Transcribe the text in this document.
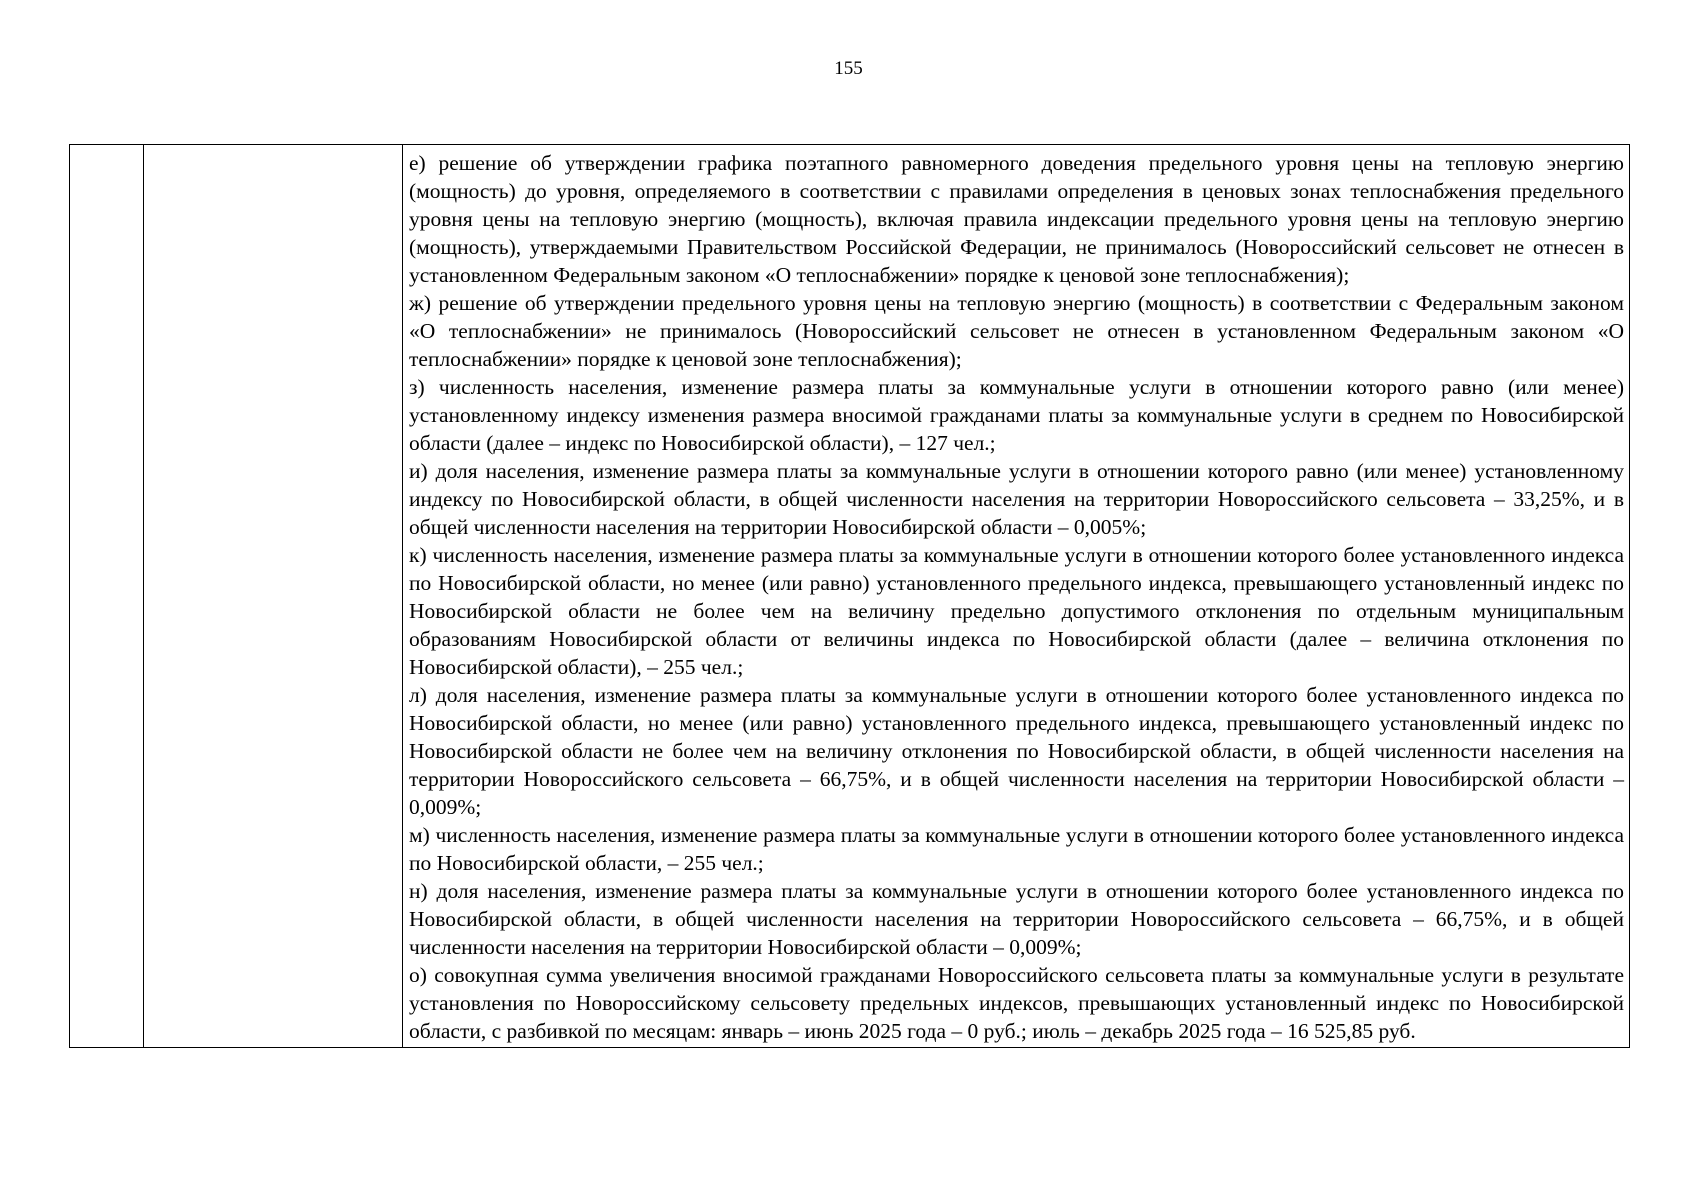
155

е) решение об утверждении графика поэтапного равномерного доведения предельного уровня цены на тепловую энергию (мощность) до уровня, определяемого в соответствии с правилами определения в ценовых зонах теплоснабжения предельного уровня цены на тепловую энергию (мощность), включая правила индексации предельного уровня цены на тепловую энергию (мощность), утверждаемыми Правительством Российской Федерации, не принималось (Новороссийский сельсовет не отнесен в установленном Федеральным законом «О теплоснабжении» порядке к ценовой зоне теплоснабжения);

ж) решение об утверждении предельного уровня цены на тепловую энергию (мощность) в соответствии с Федеральным законом «О теплоснабжении» не принималось (Новороссийский сельсовет не отнесен в установленном Федеральным законом «О теплоснабжении» порядке к ценовой зоне теплоснабжения);

з) численность населения, изменение размера платы за коммунальные услуги в отношении которого равно (или менее) установленному индексу изменения размера вносимой гражданами платы за коммунальные услуги в среднем по Новосибирской области (далее – индекс по Новосибирской области), – 127 чел.;

и) доля населения, изменение размера платы за коммунальные услуги в отношении которого равно (или менее) установленному индексу по Новосибирской области, в общей численности населения на территории Новороссийского сельсовета – 33,25%, и в общей численности населения на территории Новосибирской области – 0,005%;

к) численность населения, изменение размера платы за коммунальные услуги в отношении которого более установленного индекса по Новосибирской области, но менее (или равно) установленного предельного индекса, превышающего установленный индекс по Новосибирской области не более чем на величину предельно допустимого отклонения по отдельным муниципальным образованиям Новосибирской области от величины индекса по Новосибирской области (далее – величина отклонения по Новосибирской области), – 255 чел.;

л) доля населения, изменение размера платы за коммунальные услуги в отношении которого более установленного индекса по Новосибирской области, но менее (или равно) установленного предельного индекса, превышающего установленный индекс по Новосибирской области не более чем на величину отклонения по Новосибирской области, в общей численности населения на территории Новороссийского сельсовета – 66,75%, и в общей численности населения на территории Новосибирской области – 0,009%;

м) численность населения, изменение размера платы за коммунальные услуги в отношении которого более установленного индекса по Новосибирской области, – 255 чел.;

н) доля населения, изменение размера платы за коммунальные услуги в отношении которого более установленного индекса по Новосибирской области, в общей численности населения на территории Новороссийского сельсовета – 66,75%, и в общей численности населения на территории Новосибирской области – 0,009%;

о) совокупная сумма увеличения вносимой гражданами Новороссийского сельсовета платы за коммунальные услуги в результате установления по Новороссийскому сельсовету предельных индексов, превышающих установленный индекс по Новосибирской области, с разбивкой по месяцам: январь – июнь 2025 года – 0 руб.; июль – декабрь 2025 года – 16 525,85 руб.
